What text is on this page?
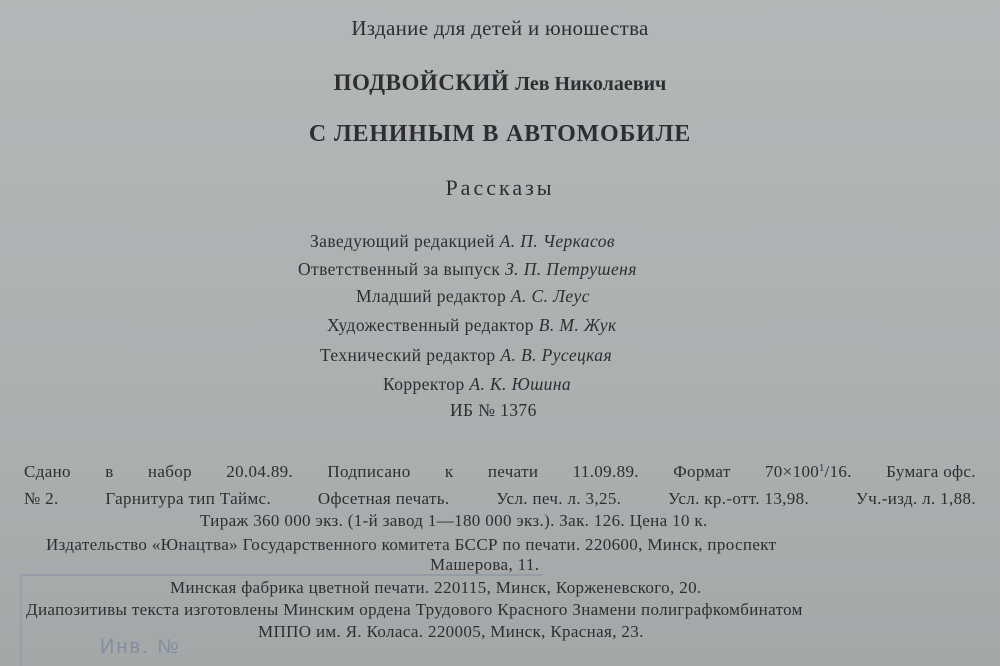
Издание для детей и юношества
ПОДВОЙСКИЙ Лев Николаевич
С ЛЕНИНЫМ В АВТОМОБИЛЕ
Рассказы
Заведующий редакцией А. П. Черкасов
Ответственный за выпуск З. П. Петрушеня
Младший редактор А. С. Леус
Художественный редактор В. М. Жук
Технический редактор А. В. Русецкая
Корректор А. К. Юшина
ИБ № 1376
Сдано в набор 20.04.89. Подписано к печати 11.09.89. Формат $70\times 100^1/16$. Бумага офс.
№ 2.	Гарнитура тип Таймс.	Офсетная печать.	Усл. печ. л. 3,25.	Усл. кр.-отт. 13,98.	Уч.-изд. л. 1,88.
Тираж 360 000 экз. (1-й завод 1—180 000 экз.). Зак. 126. Цена 10 к.
Издательство «Юнацтва» Государственного комитета БССР по печати. 220600, Минск, проспект
Машерова, 11.
Минская фабрика цветной печати. 220115, Минск, Корженевского, 20.
Диапозитивы текста изготовлены Минским ордена Трудового Красного Знамени полиграфкомбинатом
МППО им. Я. Коласа. 220005, Минск, Красная, 23.
Инв. №
